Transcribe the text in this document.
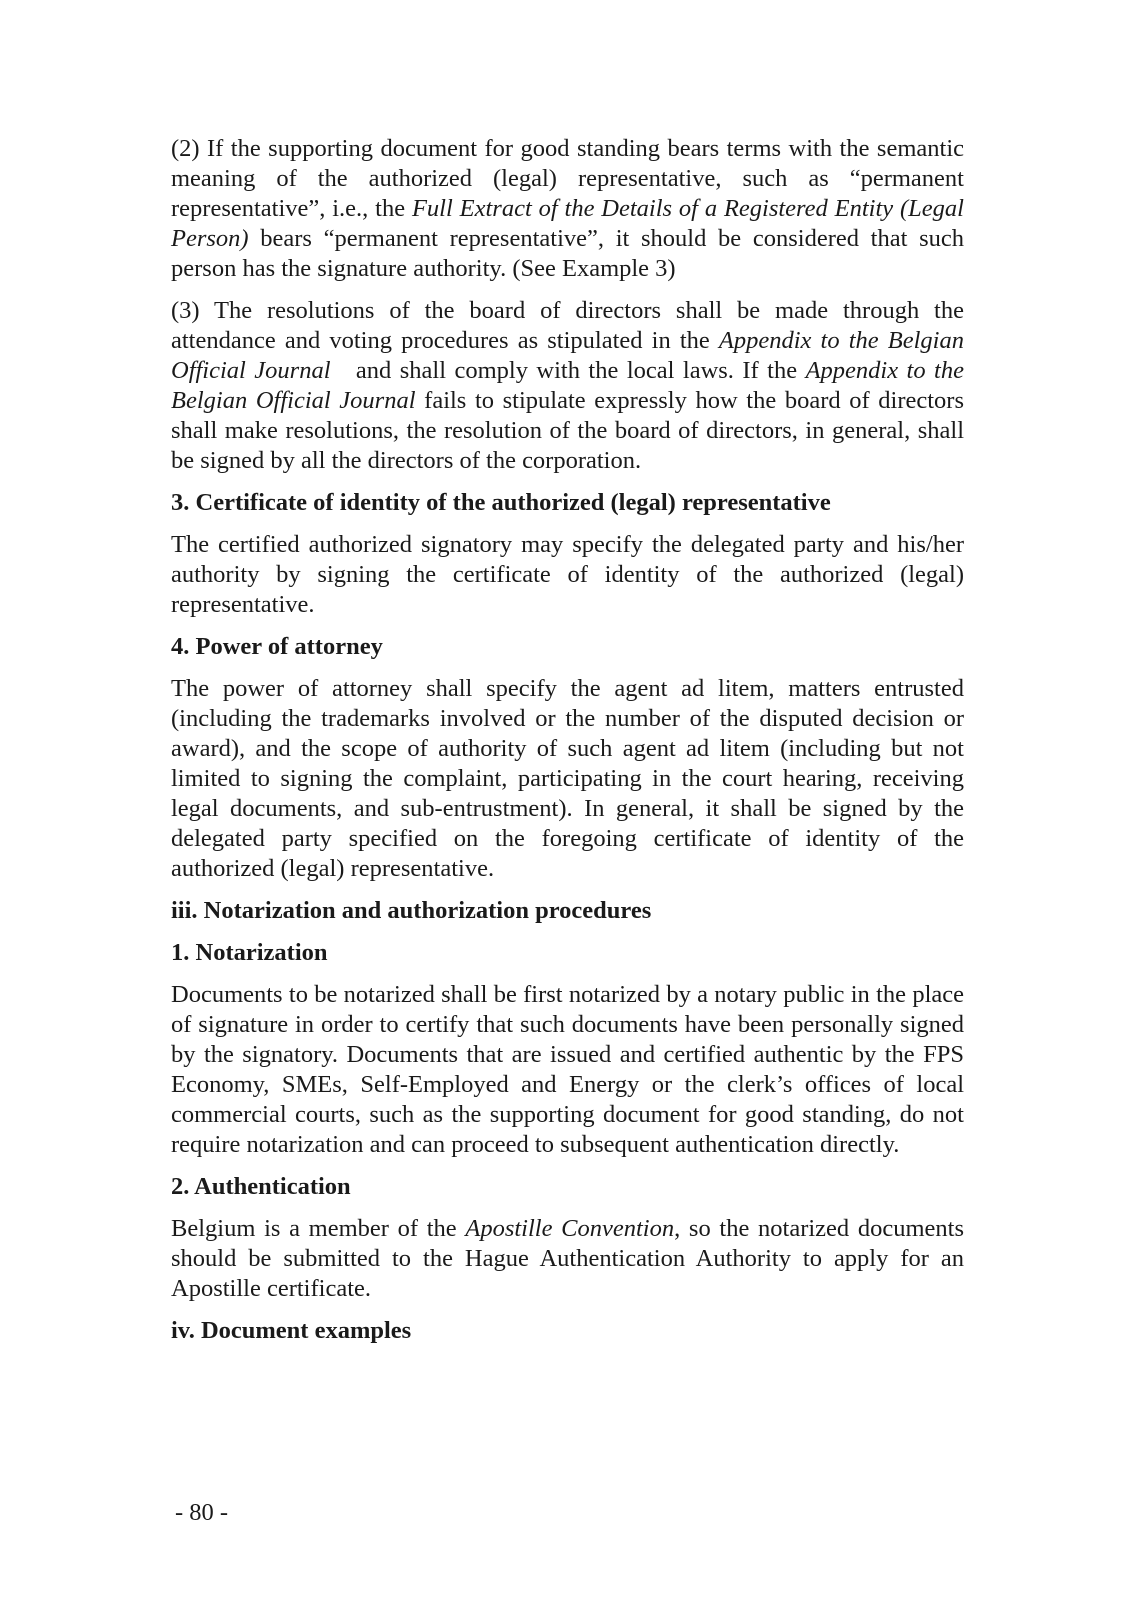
(2) If the supporting document for good standing bears terms with the semantic meaning of the authorized (legal) representative, such as “permanent representative”, i.e., the Full Extract of the Details of a Registered Entity (Legal Person) bears “permanent representative”, it should be considered that such person has the signature authority. (See Example 3)

(3) The resolutions of the board of directors shall be made through the attendance and voting procedures as stipulated in the Appendix to the Belgian Official Journal   and shall comply with the local laws. If the Appendix to the Belgian Official Journal fails to stipulate expressly how the board of directors shall make resolutions, the resolution of the board of directors, in general, shall be signed by all the directors of the corporation.

3. Certificate of identity of the authorized (legal) representative

The certified authorized signatory may specify the delegated party and his/her authority by signing the certificate of identity of the authorized (legal) representative.

4. Power of attorney

The power of attorney shall specify the agent ad litem, matters entrusted (including the trademarks involved or the number of the disputed decision or award), and the scope of authority of such agent ad litem (including but not limited to signing the complaint, participating in the court hearing, receiving legal documents, and sub-entrustment). In general, it shall be signed by the delegated party specified on the foregoing certificate of identity of the authorized (legal) representative.

iii. Notarization and authorization procedures
1. Notarization

Documents to be notarized shall be first notarized by a notary public in the place of signature in order to certify that such documents have been personally signed by the signatory. Documents that are issued and certified authentic by the FPS Economy, SMEs, Self-Employed and Energy or the clerk’s offices of local commercial courts, such as the supporting document for good standing, do not require notarization and can proceed to subsequent authentication directly.

2. Authentication

Belgium is a member of the Apostille Convention, so the notarized documents should be submitted to the Hague Authentication Authority to apply for an Apostille certificate.

iv. Document examples
- 80 -
